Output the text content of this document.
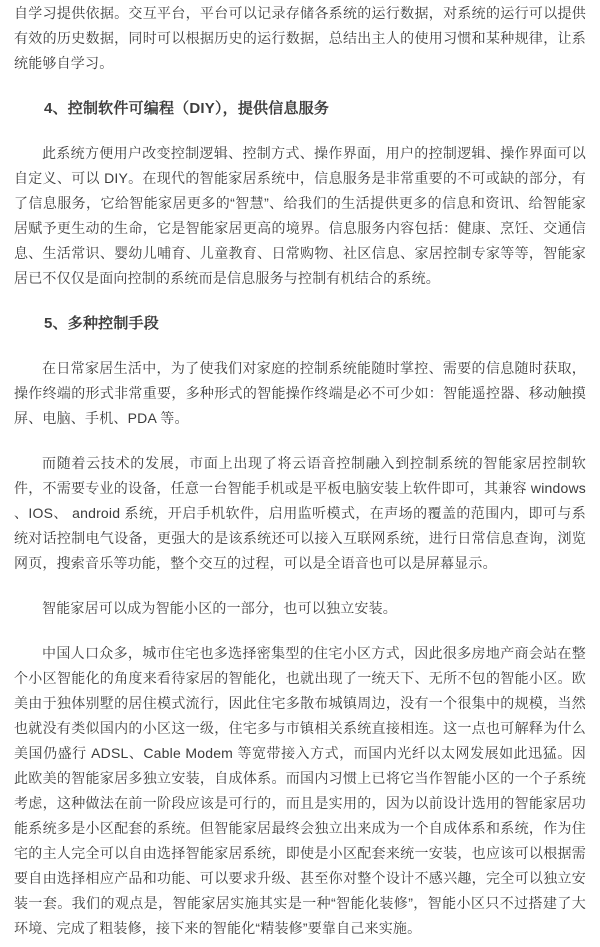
自学习提供依据。交互平台，平台可以记录存储各系统的运行数据，对系统的运行可以提供有效的历史数据，同时可以根据历史的运行数据，总结出主人的使用习惯和某种规律，让系统能够自学习。

4、控制软件可编程（DIY），提供信息服务

此系统方便用户改变控制逻辑、控制方式、操作界面，用户的控制逻辑、操作界面可以自定义、可以 DIY。在现代的智能家居系统中，信息服务是非常重要的不可或缺的部分，有了信息服务，它给智能家居更多的“智慧”、给我们的生活提供更多的信息和资讯、给智能家居赋予更生动的生命，它是智能家居更高的境界。信息服务内容包括：健康、烹饪、交通信息、生活常识、婴幼儿哺育、儿童教育、日常购物、社区信息、家居控制专家等等，智能家居已不仅仅是面向控制的系统而是信息服务与控制有机结合的系统。

5、多种控制手段

在日常家居生活中，为了使我们对家庭的控制系统能随时掌控、需要的信息随时获取，操作终端的形式非常重要，多种形式的智能操作终端是必不可少如：智能遥控器、移动触摸屏、电脑、手机、PDA 等。

而随着云技术的发展，市面上出现了将云语音控制融入到控制系统的智能家居控制软件，不需要专业的设备，任意一台智能手机或是平板电脑安装上软件即可，其兼容 windows 、IOS、 android 系统，开启手机软件，启用监听模式，在声场的覆盖的范围内，即可与系统对话控制电气设备，更强大的是该系统还可以接入互联网系统，进行日常信息查询，浏览网页，搜索音乐等功能，整个交互的过程，可以是全语音也可以是屏幕显示。

智能家居可以成为智能小区的一部分，也可以独立安装。

中国人口众多，城市住宅也多选择密集型的住宅小区方式，因此很多房地产商会站在整个小区智能化的角度来看待家居的智能化，也就出现了一统天下、无所不包的智能小区。欧美由于独体别墅的居住模式流行，因此住宅多散布城镇周边，没有一个很集中的规模，当然也就没有类似国内的小区这一级，住宅多与市镇相关系统直接相连。这一点也可解释为什么美国仍盛行 ADSL、Cable Modem 等宽带接入方式，而国内光纤以太网发展如此迅猛。因此欧美的智能家居多独立安装，自成体系。而国内习惯上已将它当作智能小区的一个子系统考虑，这种做法在前一阶段应该是可行的，而且是实用的，因为以前设计选用的智能家居功能系统多是小区配套的系统。但智能家居最终会独立出来成为一个自成体系和系统，作为住宅的主人完全可以自由选择智能家居系统，即使是小区配套来统一安装，也应该可以根据需要自由选择相应产品和功能、可以要求升级、甚至你对整个设计不感兴趣，完全可以独立安装一套。我们的观点是，智能家居实施其实是一种“智能化装修”，智能小区只不过搭建了大环境、完成了粗装修，接下来的智能化“精装修”要靠自己来实施。
